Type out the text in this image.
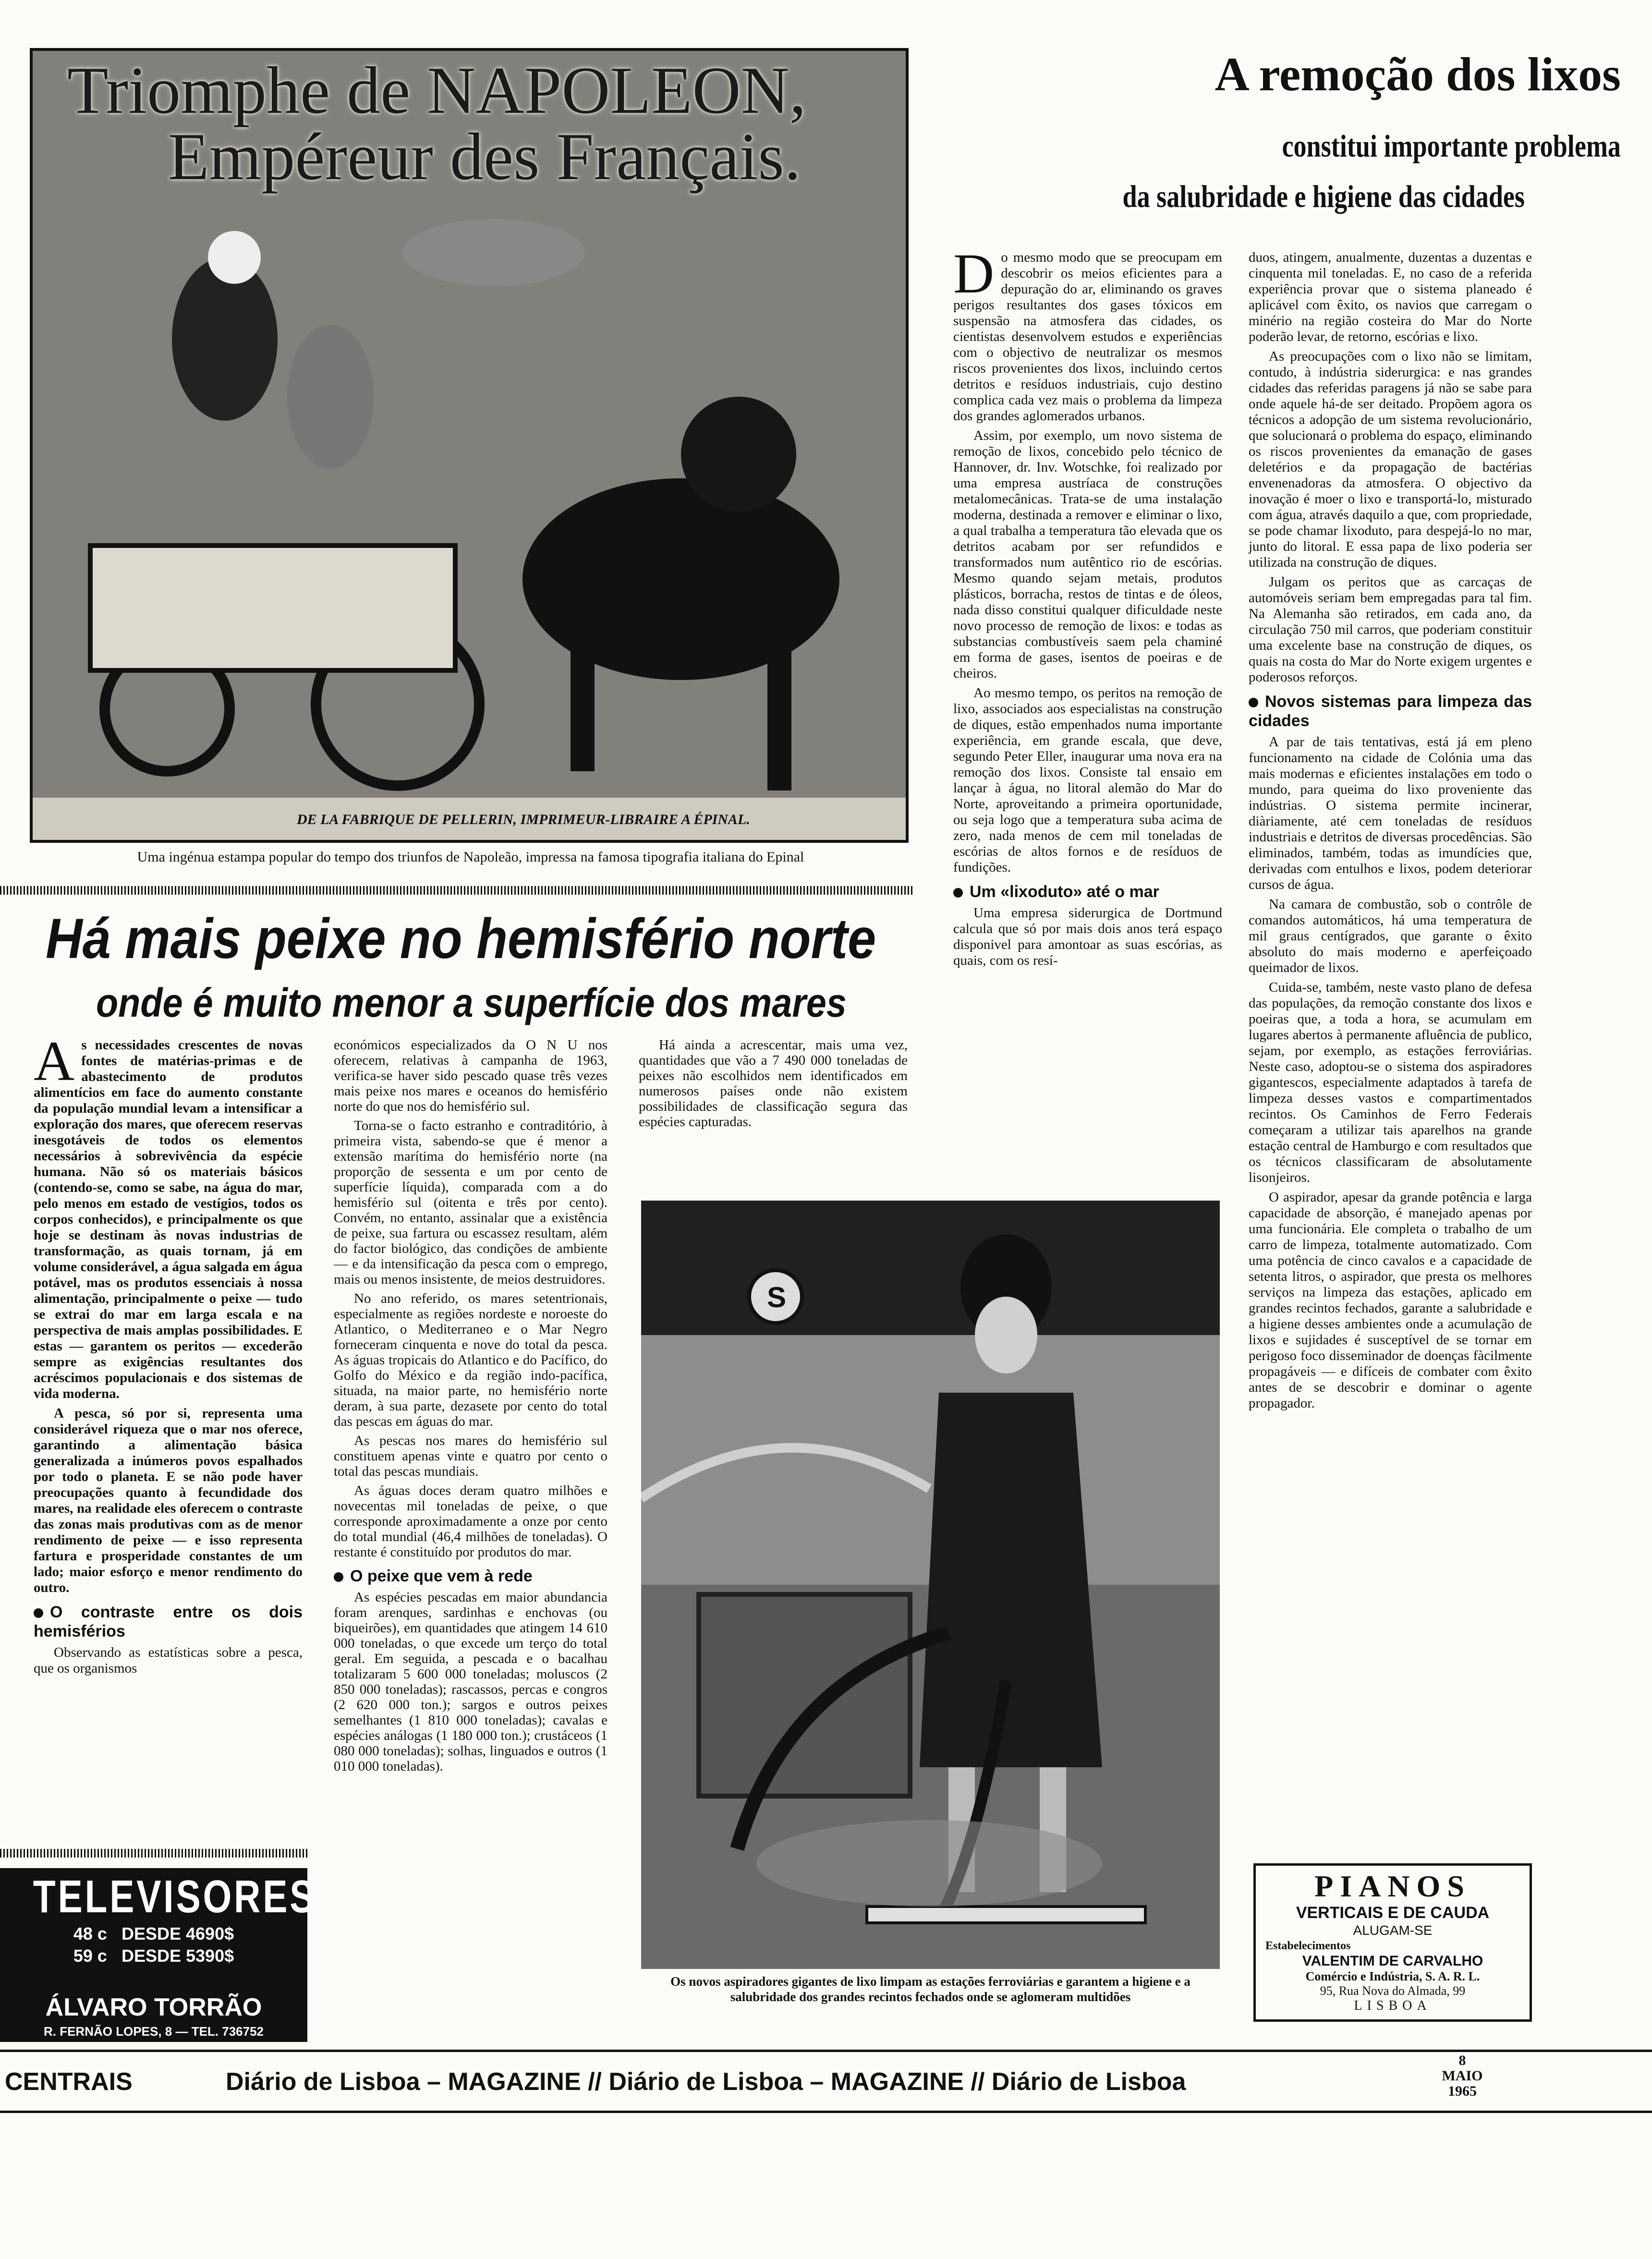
DE LA FABRIQUE DE PELLERIN, IMPRIMEUR-LIBRAIRE A ÉPINAL.
Triomphe de NAPOLEON,
Empéreur des Français.
Uma ingénua estampa popular do tempo dos triunfos de Napoleão, impressa na famosa tipografia italiana do Epinal
A remoção dos lixos
constitui importante problema
da salubridade e higiene das cidades
D o mesmo modo que se preocupam em descobrir os meios eficientes para a depuração do ar, eliminando os graves perigos resultantes dos gases tóxicos em suspensão na atmosfera das cidades, os cientistas desenvolvem estudos e experiências com o objectivo de neutralizar os mesmos riscos provenientes dos lixos, incluindo certos detritos e resíduos industriais, cujo destino complica cada vez mais o problema da limpeza dos grandes aglomerados urbanos.

Assim, por exemplo, um novo sistema de remoção de lixos, concebido pelo técnico de Hannover, dr. Inv. Wotschke, foi realizado por uma empresa austríaca de construções metalomecânicas. Trata-se de uma instalação moderna, destinada a remover e eliminar o lixo, a qual trabalha a temperatura tão elevada que os detritos acabam por ser refundidos e transformados num autêntico rio de escórias. Mesmo quando sejam metais, produtos plásticos, borracha, restos de tintas e de óleos, nada disso constitui qualquer dificuldade neste novo processo de remoção de lixos: e todas as substancias combustíveis saem pela chaminé em forma de gases, isentos de poeiras e de cheiros.

Ao mesmo tempo, os peritos na remoção de lixo, associados aos especialistas na construção de diques, estão empenhados numa importante experiência, em grande escala, que deve, segundo Peter Eller, inaugurar uma nova era na remoção dos lixos. Consiste tal ensaio em lançar à água, no litoral alemão do Mar do Norte, aproveitando a primeira oportunidade, ou seja logo que a temperatura suba acima de zero, nada menos de cem mil toneladas de escórias de altos fornos e de resíduos de fundições.

Um «lixoduto» até o mar

Uma empresa siderurgica de Dortmund calcula que só por mais dois anos terá espaço disponivel para amontoar as suas escórias, as quais, com os resí-

duos, atingem, anualmente, duzentas a duzentas e cinquenta mil toneladas. E, no caso de a referida experiência provar que o sistema planeado é aplicável com êxito, os navios que carregam o minério na região costeira do Mar do Norte poderão levar, de retorno, escórias e lixo.

As preocupações com o lixo não se limitam, contudo, à indústria siderurgica: e nas grandes cidades das referidas paragens já não se sabe para onde aquele há-de ser deitado. Propõem agora os técnicos a adopção de um sistema revolucionário, que solucionará o problema do espaço, eliminando os riscos provenientes da emanação de gases deletérios e da propagação de bactérias envenenadoras da atmosfera. O objectivo da inovação é moer o lixo e transportá-lo, misturado com água, através daquilo a que, com propriedade, se pode chamar lixoduto, para despejá-lo no mar, junto do litoral. E essa papa de lixo poderia ser utilizada na construção de diques.

Julgam os peritos que as carcaças de automóveis seriam bem empregadas para tal fim. Na Alemanha são retirados, em cada ano, da circulação 750 mil carros, que poderiam constituir uma excelente base na construção de diques, os quais na costa do Mar do Norte exigem urgentes e poderosos reforços.

Novos sistemas para limpeza das cidades

A par de tais tentativas, está já em pleno funcionamento na cidade de Colónia uma das mais modernas e eficientes instalações em todo o mundo, para queima do lixo proveniente das indústrias. O sistema permite incinerar, diàriamente, até cem toneladas de resíduos industriais e detritos de diversas procedências. São eliminados, também, todas as imundícies que, derivadas com entulhos e lixos, podem deteriorar cursos de água.

Na camara de combustão, sob o contrôle de comandos automáticos, há uma temperatura de mil graus centígrados, que garante o êxito absoluto do mais moderno e aperfeiçoado queimador de lixos.

Cuida-se, também, neste vasto plano de defesa das populações, da remoção constante dos lixos e poeiras que, a toda a hora, se acumulam em lugares abertos à permanente afluência de publico, sejam, por exemplo, as estações ferroviárias. Neste caso, adoptou-se o sistema dos aspiradores gigantescos, especialmente adaptados à tarefa de limpeza desses vastos e compartimentados recintos. Os Caminhos de Ferro Federais começaram a utilizar tais aparelhos na grande estação central de Hamburgo e com resultados que os técnicos classificaram de absolutamente lisonjeiros.

O aspirador, apesar da grande potência e larga capacidade de absorção, é manejado apenas por uma funcionária. Ele completa o trabalho de um carro de limpeza, totalmente automatizado. Com uma potência de cinco cavalos e a capacidade de setenta litros, o aspirador, que presta os melhores serviços na limpeza das estações, aplicado em grandes recintos fechados, garante a salubridade e a higiene desses ambientes onde a acumulação de lixos e sujidades é susceptível de se tornar em perigoso foco disseminador de doenças fàcilmente propagáveis — e difíceis de combater com êxito antes de se descobrir e dominar o agente propagador.

Há mais peixe no hemisfério norte
onde é muito menor a superfície dos mares
A s necessidades crescentes de novas fontes de matérias-primas e de abastecimento de produtos alimentícios em face do aumento constante da população mundial levam a intensificar a exploração dos mares, que oferecem reservas inesgotáveis de todos os elementos necessários à sobrevivência da espécie humana. Não só os materiais básicos (contendo-se, como se sabe, na água do mar, pelo menos em estado de vestígios, todos os corpos conhecidos), e principalmente os que hoje se destinam às novas industrias de transformação, as quais tornam, já em volume considerável, a água salgada em água potável, mas os produtos essenciais à nossa alimentação, principalmente o peixe — tudo se extrai do mar em larga escala e na perspectiva de mais amplas possibilidades. E estas — garantem os peritos — excederão sempre as exigências resultantes dos acréscimos populacionais e dos sistemas de vida moderna.

A pesca, só por si, representa uma considerável riqueza que o mar nos oferece, garantindo a alimentação básica generalizada a inúmeros povos espalhados por todo o planeta. E se não pode haver preocupações quanto à fecundidade dos mares, na realidade eles oferecem o contraste das zonas mais produtivas com as de menor rendimento de peixe — e isso representa fartura e prosperidade constantes de um lado; maior esforço e menor rendimento do outro.

O contraste entre os dois hemisférios

Observando as estatísticas sobre a pesca, que os organismos

económicos especializados da O N U nos oferecem, relativas à campanha de 1963, verifica-se haver sido pescado quase três vezes mais peixe nos mares e oceanos do hemisfério norte do que nos do hemisfério sul.

Torna-se o facto estranho e contraditório, à primeira vista, sabendo-se que é menor a extensão marítima do hemisfério norte (na proporção de sessenta e um por cento de superfície líquida), comparada com a do hemisfério sul (oitenta e três por cento). Convém, no entanto, assinalar que a existência de peixe, sua fartura ou escassez resultam, além do factor biológico, das condições de ambiente — e da intensificação da pesca com o emprego, mais ou menos insistente, de meios destruidores.

No ano referido, os mares setentrionais, especialmente as regiões nordeste e noroeste do Atlantico, o Mediterraneo e o Mar Negro forneceram cinquenta e nove do total da pesca. As águas tropicais do Atlantico e do Pacífico, do Golfo do México e da região indo-pacífica, situada, na maior parte, no hemisfério norte deram, à sua parte, dezasete por cento do total das pescas em águas do mar.

As pescas nos mares do hemisfério sul constituem apenas vinte e quatro por cento o total das pescas mundiais.

As águas doces deram quatro milhões e novecentas mil toneladas de peixe, o que corresponde aproximadamente a onze por cento do total mundial (46,4 milhões de toneladas). O restante é constituído por produtos do mar.

O peixe que vem à rede

As espécies pescadas em maior abundancia foram arenques, sardinhas e enchovas (ou biqueirões), em quantidades que atingem 14 610 000 toneladas, o que excede um terço do total geral. Em seguida, a pescada e o bacalhau totalizaram 5 600 000 toneladas; moluscos (2 850 000 toneladas); rascassos, percas e congros (2 620 000 ton.); sargos e outros peixes semelhantes (1 810 000 toneladas); cavalas e espécies análogas (1 180 000 ton.); crustáceos (1 080 000 toneladas); solhas, linguados e outros (1 010 000 toneladas).

Há ainda a acrescentar, mais uma vez, quantidades que vão a 7 490 000 toneladas de peixes não escolhidos nem identificados em numerosos países onde não existem possibilidades de classificação segura das espécies capturadas.

S
Os novos aspiradores gigantes de lixo limpam as estações ferroviárias e garantem a higiene e a salubridade dos grandes recintos fechados onde se aglomeram multidões
TELEVISORES
48 c DESDE 4690$
59 c DESDE 5390$
ÁLVARO TORRÃO
R. FERNÃO LOPES, 8 — TEL. 736752
PIANOS
VERTICAIS E DE CAUDA
ALUGAM-SE
Estabelecimentos
VALENTIM DE CARVALHO
Comércio e Indústria, S. A. R. L.
95, Rua Nova do Almada, 99
LISBOA
CENTRAIS	Diário de Lisboa – MAGAZINE // Diário de Lisboa – MAGAZINE // Diário de Lisboa
8
MAIO
1965
